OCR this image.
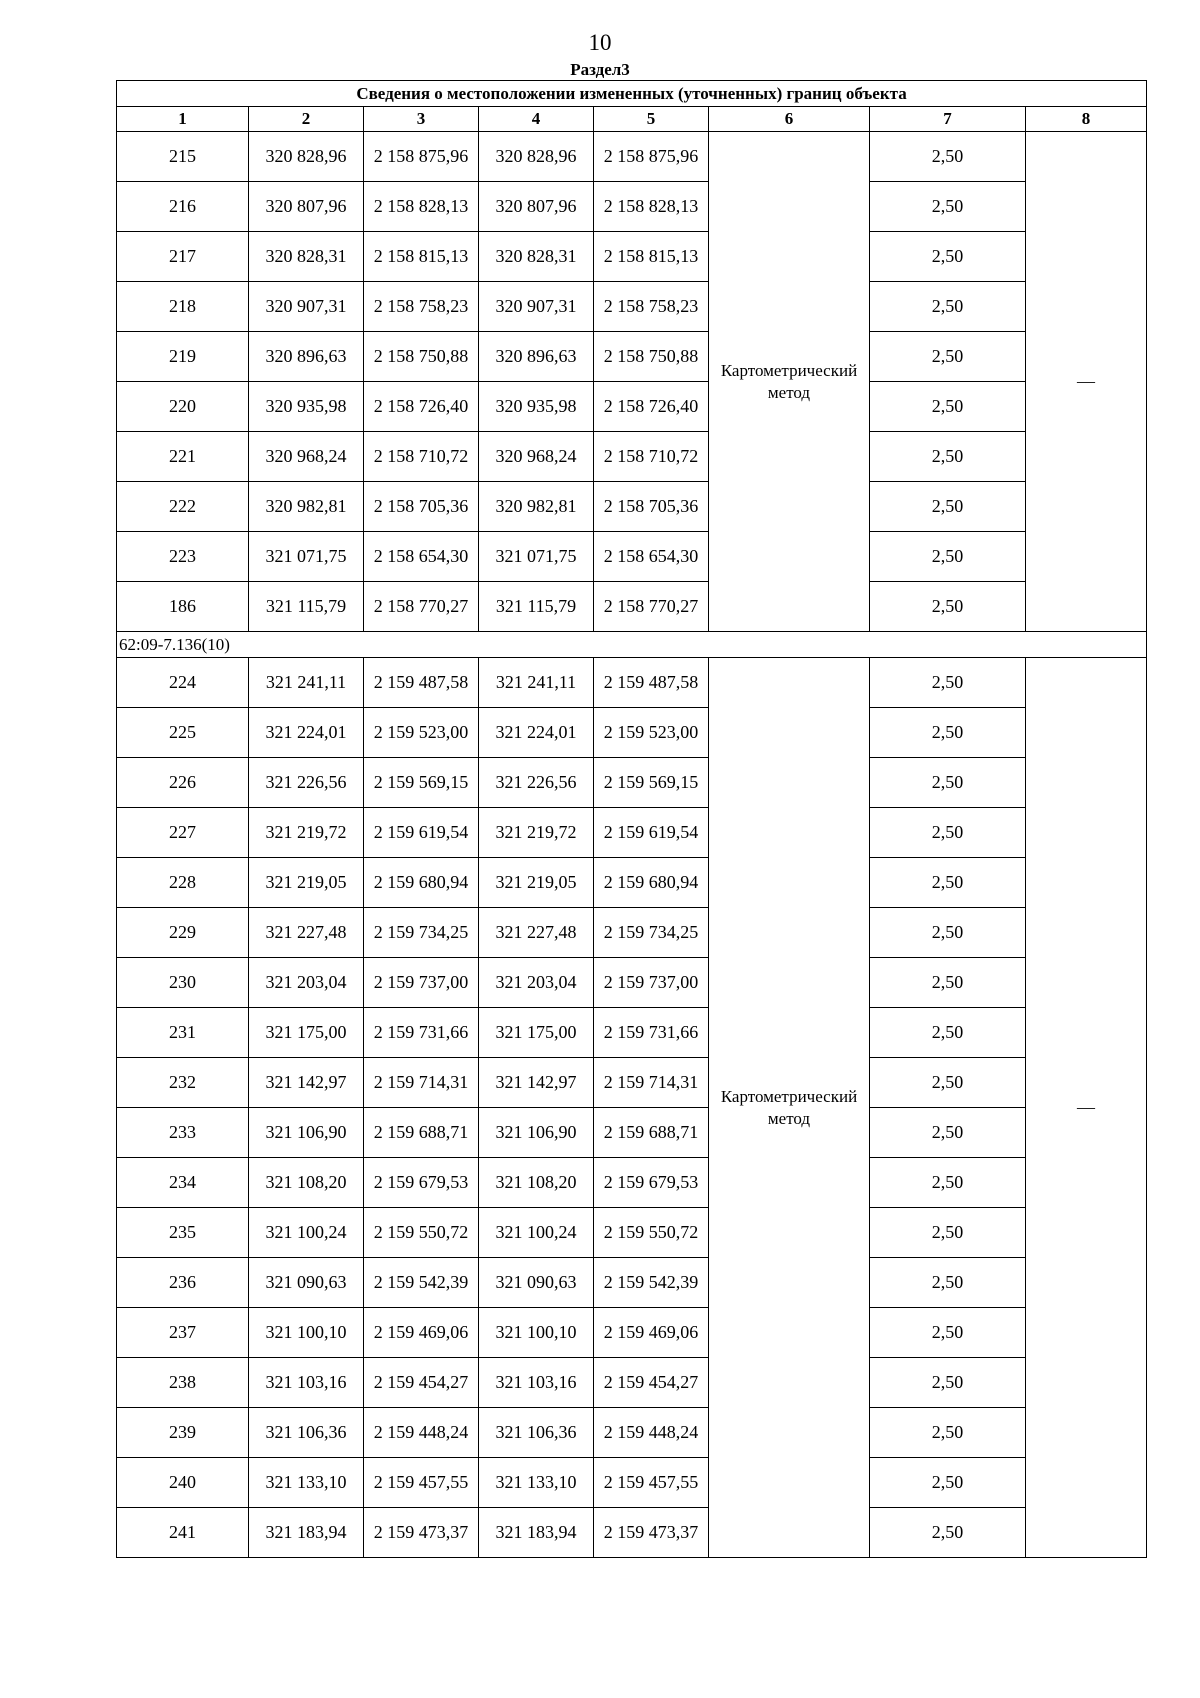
10
Раздел3
Сведения о местоположении измененных (уточненных) границ объекта							
1	2	3	4	5	6	7	8
215	320 828,96	2 158 875,96	320 828,96	2 158 875,96	Картометрический метод	2,50	—
216	320 807,96	2 158 828,13	320 807,96	2 158 828,13		2,50	
217	320 828,31	2 158 815,13	320 828,31	2 158 815,13		2,50	
218	320 907,31	2 158 758,23	320 907,31	2 158 758,23		2,50	
219	320 896,63	2 158 750,88	320 896,63	2 158 750,88		2,50	
220	320 935,98	2 158 726,40	320 935,98	2 158 726,40		2,50	
221	320 968,24	2 158 710,72	320 968,24	2 158 710,72		2,50	
222	320 982,81	2 158 705,36	320 982,81	2 158 705,36		2,50	
223	321 071,75	2 158 654,30	321 071,75	2 158 654,30		2,50	
186	321 115,79	2 158 770,27	321 115,79	2 158 770,27		2,50	
62:09-7.136(10)							
224	321 241,11	2 159 487,58	321 241,11	2 159 487,58	Картометрический метод	2,50	—
225	321 224,01	2 159 523,00	321 224,01	2 159 523,00		2,50	
226	321 226,56	2 159 569,15	321 226,56	2 159 569,15		2,50	
227	321 219,72	2 159 619,54	321 219,72	2 159 619,54		2,50	
228	321 219,05	2 159 680,94	321 219,05	2 159 680,94		2,50	
229	321 227,48	2 159 734,25	321 227,48	2 159 734,25		2,50	
230	321 203,04	2 159 737,00	321 203,04	2 159 737,00		2,50	
231	321 175,00	2 159 731,66	321 175,00	2 159 731,66		2,50	
232	321 142,97	2 159 714,31	321 142,97	2 159 714,31		2,50	
233	321 106,90	2 159 688,71	321 106,90	2 159 688,71		2,50	
234	321 108,20	2 159 679,53	321 108,20	2 159 679,53		2,50	
235	321 100,24	2 159 550,72	321 100,24	2 159 550,72		2,50	
236	321 090,63	2 159 542,39	321 090,63	2 159 542,39		2,50	
237	321 100,10	2 159 469,06	321 100,10	2 159 469,06		2,50	
238	321 103,16	2 159 454,27	321 103,16	2 159 454,27		2,50	
239	321 106,36	2 159 448,24	321 106,36	2 159 448,24		2,50	
240	321 133,10	2 159 457,55	321 133,10	2 159 457,55		2,50	
241	321 183,94	2 159 473,37	321 183,94	2 159 473,37		2,50	
